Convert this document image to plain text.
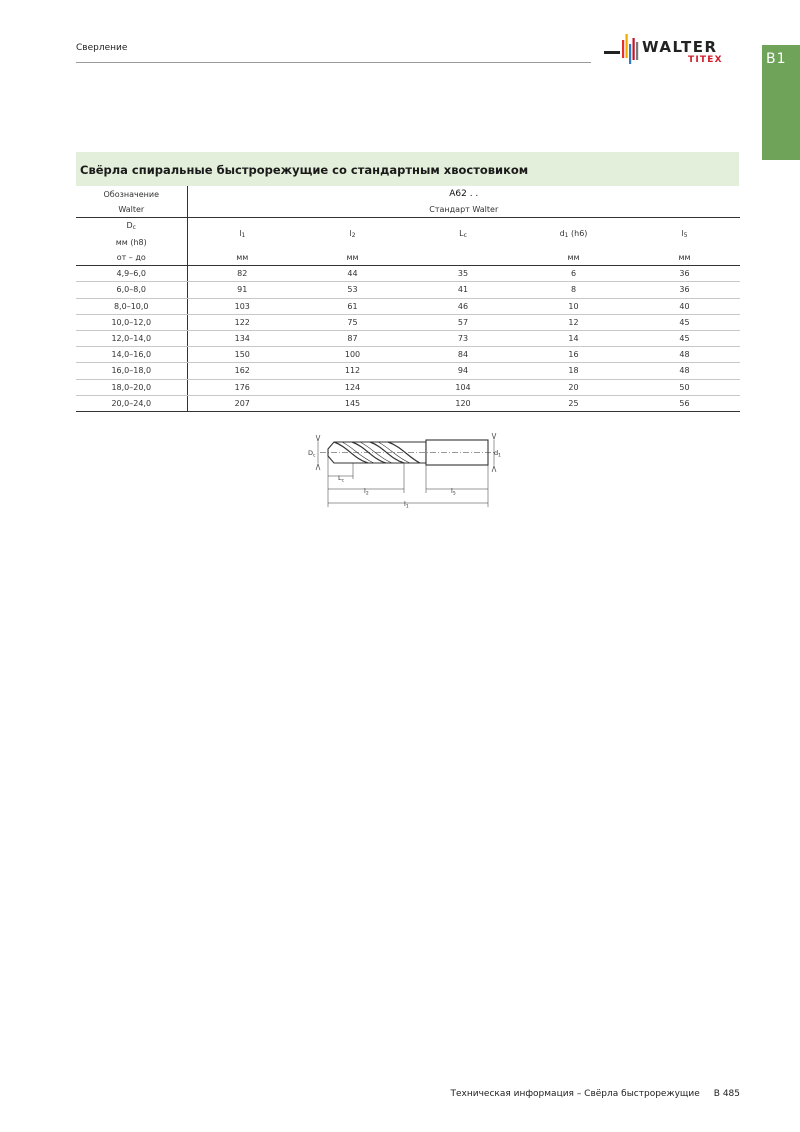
Сверление	WALTER
TITEX	B1
Свёрла спиральные быстрорежущие со стандартным хвостовиком
Обозначение
Walter	A62 . .
Стандарт Walter					
$D_c$
мм (h8)	$l_1$	$l_2$	$L_c$	$d_1$ (h6)	$l_5$	
от – до	мм	мм		мм	мм	
4,9–6,0	82	44	35	6	36	
6,0–8,0	91	53	41	8	36	
8,0–10,0	103	61	46	10	40	
10,0–12,0	122	75	57	12	45	
12,0–14,0	134	87	73	14	45	
14,0–16,0	150	100	84	16	48	
16,0–18,0	162	112	94	18	48	
18,0–20,0	176	124	104	20	50	
20,0–24,0	207	145	120	25	56	
$D_c$	$d_1$
$L_c$
$l_2$	$l_5$
$l_1$
Техническая информация – Свёрла быстрорежущие B 485
